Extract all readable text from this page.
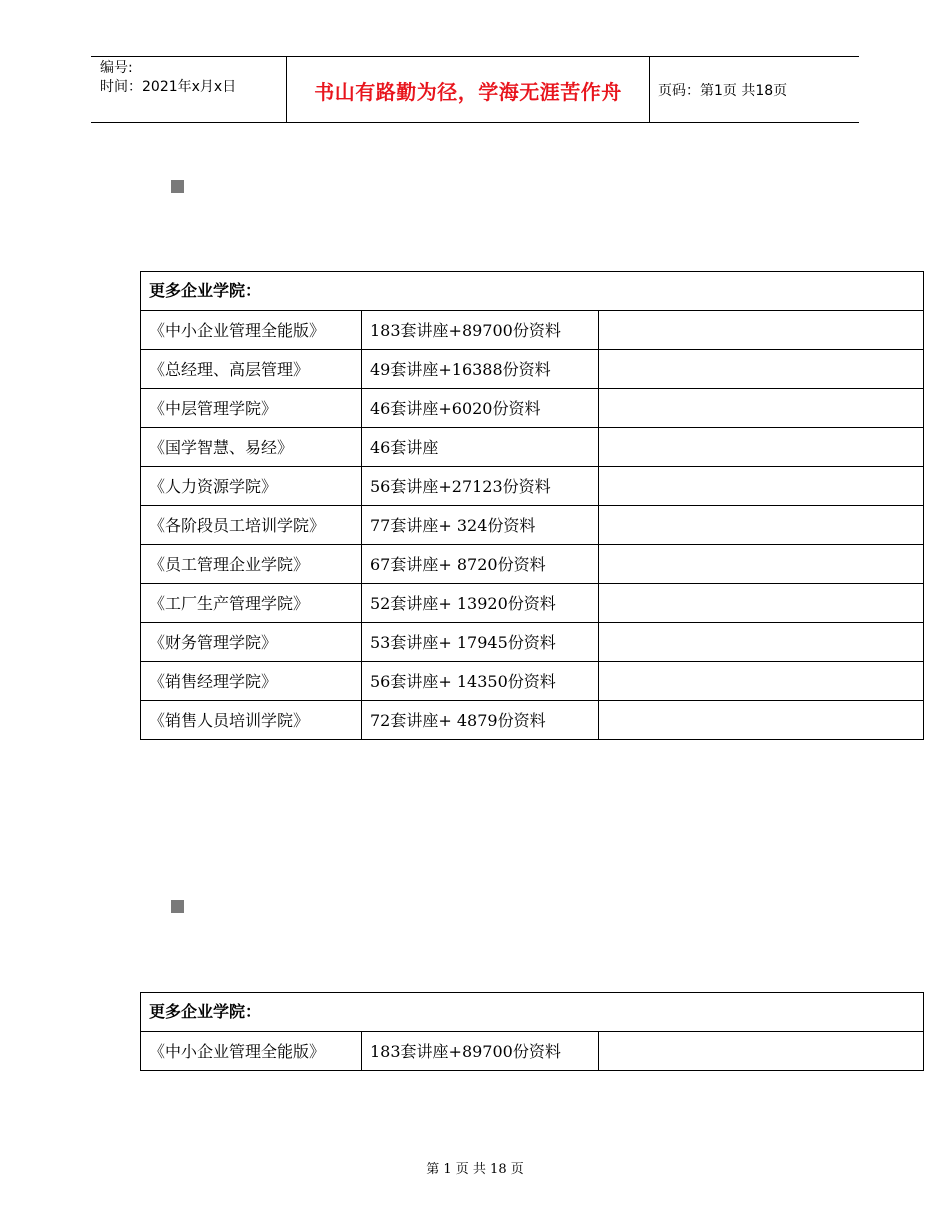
编号:
时间：2021年x月x日	书山有路勤为径，学海无涯苦作舟	页码：第1页 共18页
更多企业学院：		
《中小企业管理全能版》	183套讲座+89700份资料	
《总经理、高层管理》	49套讲座+16388份资料	
《中层管理学院》	46套讲座+6020份资料	
《国学智慧、易经》	46套讲座	
《人力资源学院》	56套讲座+27123份资料	
《各阶段员工培训学院》	77套讲座+ 324份资料	
《员工管理企业学院》	67套讲座+ 8720份资料	
《工厂生产管理学院》	52套讲座+ 13920份资料	
《财务管理学院》	53套讲座+ 17945份资料	
《销售经理学院》	56套讲座+ 14350份资料	
《销售人员培训学院》	72套讲座+ 4879份资料	
更多企业学院：
《中小企业管理全能版》	183套讲座+89700份资料	
第 1 页 共 18 页
